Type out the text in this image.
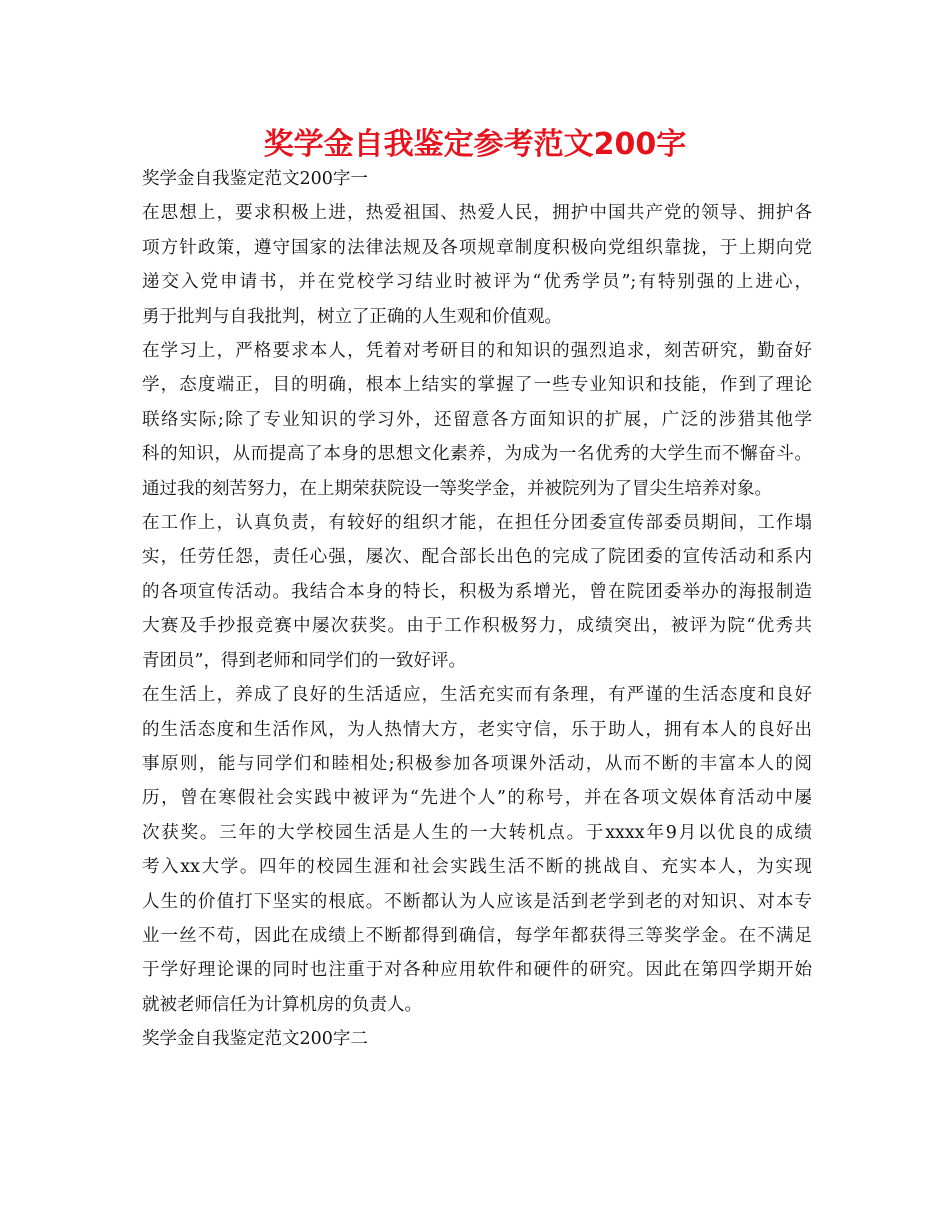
奖学金自我鉴定参考范文200字

奖学金自我鉴定范文200字一

在思想上，要求积极上进，热爱祖国、热爱人民，拥护中国共产党的领导、拥护各
项方针政策，遵守国家的法律法规及各项规章制度积极向党组织靠拢，于上期向党
递交入党申请书，并在党校学习结业时被评为“优秀学员”;有特别强的上进心，
勇于批判与自我批判，树立了正确的人生观和价值观。

在学习上，严格要求本人，凭着对考研目的和知识的强烈追求，刻苦研究，勤奋好
学，态度端正，目的明确，根本上结实的掌握了一些专业知识和技能，作到了理论
联络实际;除了专业知识的学习外，还留意各方面知识的扩展，广泛的涉猎其他学
科的知识，从而提高了本身的思想文化素养，为成为一名优秀的大学生而不懈奋斗。
通过我的刻苦努力，在上期荣获院设一等奖学金，并被院列为了冒尖生培养对象。

在工作上，认真负责，有较好的组织才能，在担任分团委宣传部委员期间，工作塌
实，任劳任怨，责任心强，屡次、配合部长出色的完成了院团委的宣传活动和系内
的各项宣传活动。我结合本身的特长，积极为系增光，曾在院团委举办的海报制造
大赛及手抄报竞赛中屡次获奖。由于工作积极努力，成绩突出，被评为院“优秀共
青团员”，得到老师和同学们的一致好评。

在生活上，养成了良好的生活适应，生活充实而有条理，有严谨的生活态度和良好
的生活态度和生活作风，为人热情大方，老实守信，乐于助人，拥有本人的良好出
事原则，能与同学们和睦相处;积极参加各项课外活动，从而不断的丰富本人的阅
历，曾在寒假社会实践中被评为“先进个人”的称号，并在各项文娱体育活动中屡
次获奖。三年的大学校园生活是人生的一大转机点。于xxxx年9月以优良的成绩
考入xx大学。四年的校园生涯和社会实践生活不断的挑战自、充实本人，为实现
人生的价值打下坚实的根底。不断都认为人应该是活到老学到老的对知识、对本专
业一丝不苟，因此在成绩上不断都得到确信，每学年都获得三等奖学金。在不满足
于学好理论课的同时也注重于对各种应用软件和硬件的研究。因此在第四学期开始
就被老师信任为计算机房的负责人。

奖学金自我鉴定范文200字二
